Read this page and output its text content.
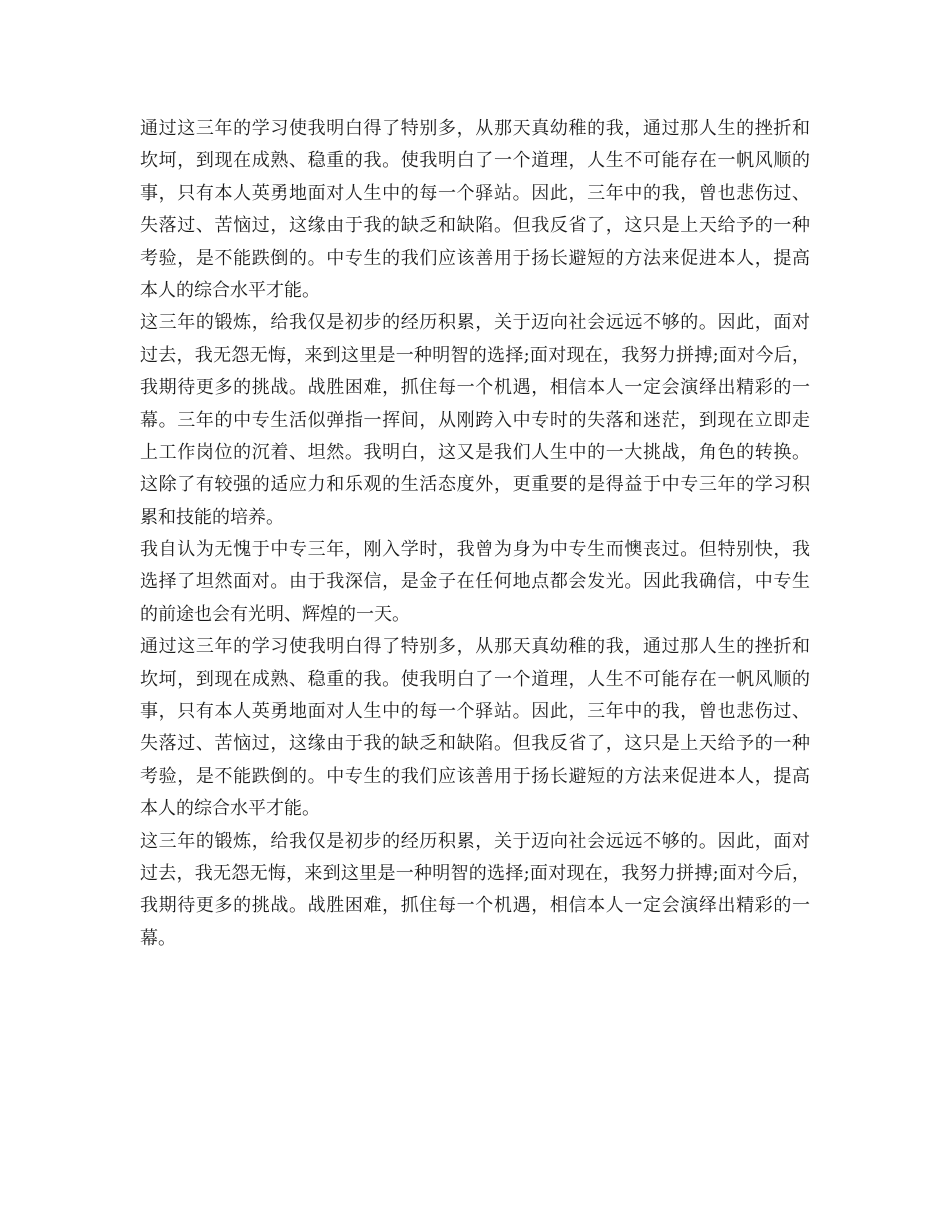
通过这三年的学习使我明白得了特别多，从那天真幼稚的我，通过那人生的挫折和
坎坷，到现在成熟、稳重的我。使我明白了一个道理，人生不可能存在一帆风顺的
事，只有本人英勇地面对人生中的每一个驿站。因此，三年中的我，曾也悲伤过、
失落过、苦恼过，这缘由于我的缺乏和缺陷。但我反省了，这只是上天给予的一种
考验，是不能跌倒的。中专生的我们应该善用于扬长避短的方法来促进本人，提高
本人的综合水平才能。
这三年的锻炼，给我仅是初步的经历积累，关于迈向社会远远不够的。因此，面对
过去，我无怨无悔，来到这里是一种明智的选择;面对现在，我努力拼搏;面对今后，
我期待更多的挑战。战胜困难，抓住每一个机遇，相信本人一定会演绎出精彩的一
幕。三年的中专生活似弹指一挥间，从刚跨入中专时的失落和迷茫，到现在立即走
上工作岗位的沉着、坦然。我明白，这又是我们人生中的一大挑战，角色的转换。
这除了有较强的适应力和乐观的生活态度外，更重要的是得益于中专三年的学习积
累和技能的培养。
我自认为无愧于中专三年，刚入学时，我曾为身为中专生而懊丧过。但特别快，我
选择了坦然面对。由于我深信，是金子在任何地点都会发光。因此我确信，中专生
的前途也会有光明、辉煌的一天。
通过这三年的学习使我明白得了特别多，从那天真幼稚的我，通过那人生的挫折和
坎坷，到现在成熟、稳重的我。使我明白了一个道理，人生不可能存在一帆风顺的
事，只有本人英勇地面对人生中的每一个驿站。因此，三年中的我，曾也悲伤过、
失落过、苦恼过，这缘由于我的缺乏和缺陷。但我反省了，这只是上天给予的一种
考验，是不能跌倒的。中专生的我们应该善用于扬长避短的方法来促进本人，提高
本人的综合水平才能。
这三年的锻炼，给我仅是初步的经历积累，关于迈向社会远远不够的。因此，面对
过去，我无怨无悔，来到这里是一种明智的选择;面对现在，我努力拼搏;面对今后，
我期待更多的挑战。战胜困难，抓住每一个机遇，相信本人一定会演绎出精彩的一
幕。
